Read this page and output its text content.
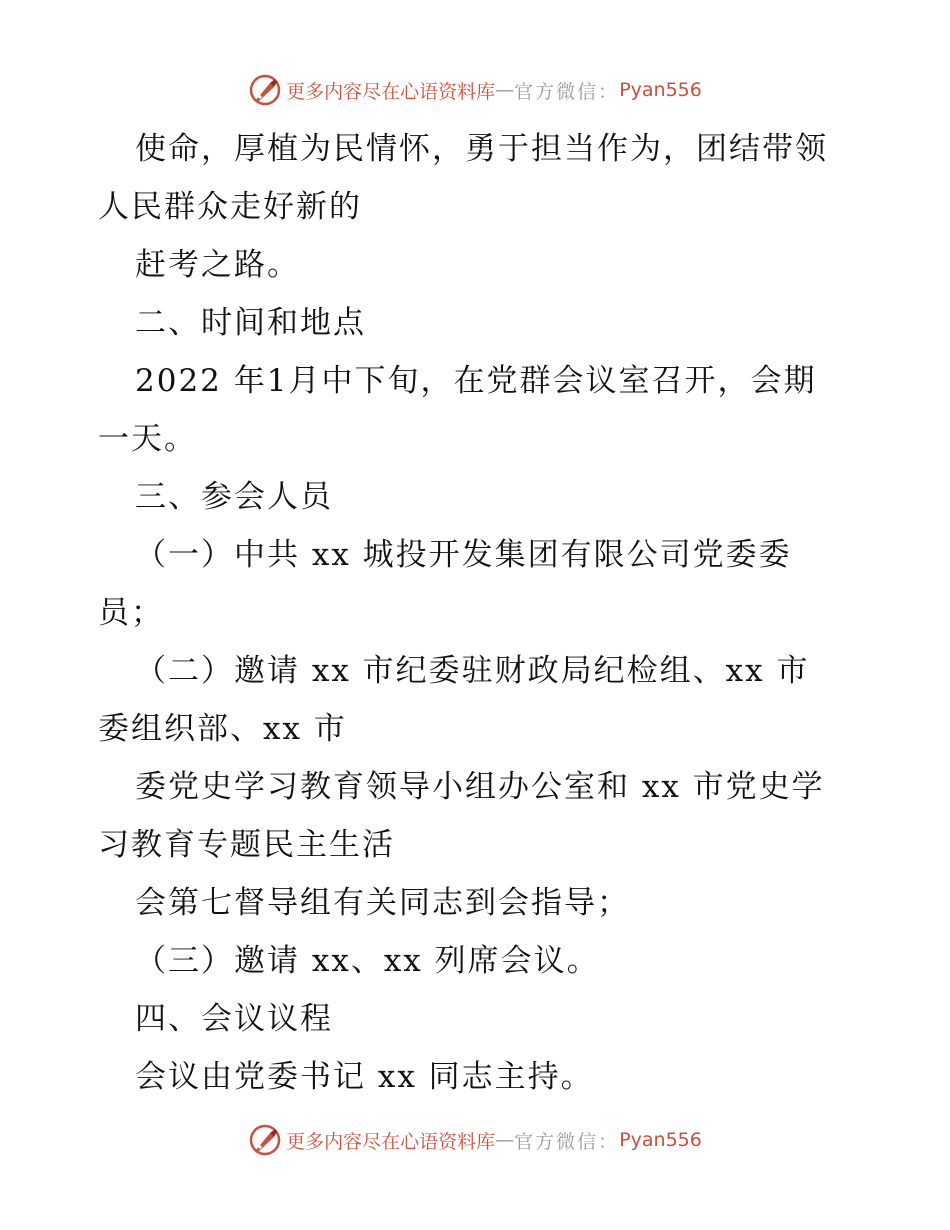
更多内容尽在心语资料库 — 官方微信： Pyan556
使命，厚植为民情怀，勇于担当作为，团结带领
人民群众走好新的
赶考之路。
二、时间和地点
2022 年1月中下旬，在党群会议室召开，会期
一天。
三、参会人员
（一）中共 xx 城投开发集团有限公司党委委
员；
（二）邀请 xx 市纪委驻财政局纪检组、xx 市
委组织部、xx 市
委党史学习教育领导小组办公室和 xx 市党史学
习教育专题民主生活
会第七督导组有关同志到会指导；
（三）邀请 xx、xx 列席会议。
四、会议议程
会议由党委书记 xx 同志主持。
更多内容尽在心语资料库 — 官方微信： Pyan556
